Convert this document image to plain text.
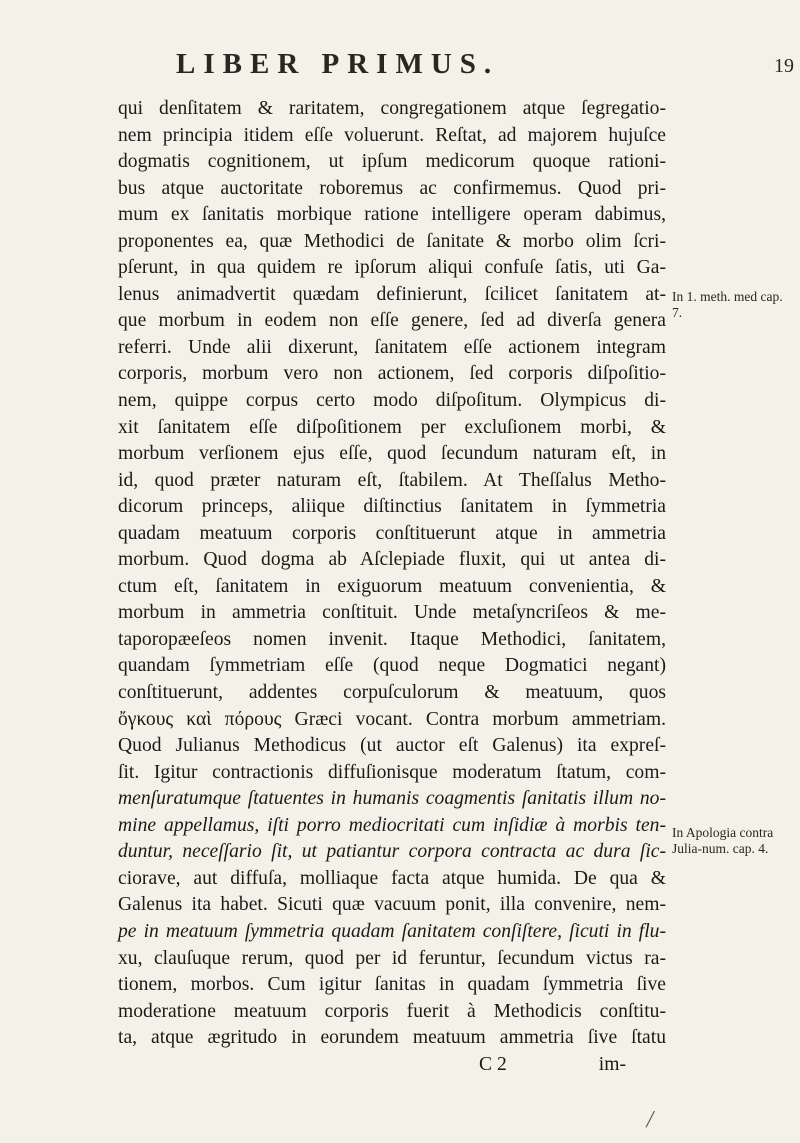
LIBER PRIMUS.	19
qui denſitatem & raritatem, congregationem atque ſegregatio-
nem principia itidem eſſe voluerunt. Reſtat, ad majorem hujuſce
dogmatis cognitionem, ut ipſum medicorum quoque rationi-
bus atque auctoritate roboremus ac confirmemus. Quod pri-
mum ex ſanitatis morbique ratione intelligere operam dabimus,
proponentes ea, quæ Methodici de ſanitate & morbo olim ſcri-
pſerunt, in qua quidem re ipſorum aliqui confuſe ſatis, uti Ga-
lenus animadvertit quædam definierunt, ſcilicet ſanitatem at-
que morbum in eodem non eſſe genere, ſed ad diverſa genera
referri. Unde alii dixerunt, ſanitatem eſſe actionem integram
corporis, morbum vero non actionem, ſed corporis diſpoſitio-
nem, quippe corpus certo modo diſpoſitum. Olympicus di-
xit ſanitatem eſſe diſpoſitionem per excluſionem morbi, &
morbum verſionem ejus eſſe, quod ſecundum naturam eſt, in
id, quod præter naturam eſt, ſtabilem. At Theſſalus Metho-
dicorum princeps, aliique diſtinctius ſanitatem in ſymmetria
quadam meatuum corporis conſtituerunt atque in ammetria
morbum. Quod dogma ab Aſclepiade fluxit, qui ut antea di-
ctum eſt, ſanitatem in exiguorum meatuum convenientia, &
morbum in ammetria conſtituit. Unde metaſyncriſeos & me-
taporopæeſeos nomen invenit. Itaque Methodici, ſanitatem,
quandam ſymmetriam eſſe (quod neque Dogmatici negant)
conſtituerunt, addentes corpuſculorum & meatuum, quos
ὄγκους καὶ πόρους Græci vocant. Contra morbum ammetriam.
Quod Julianus Methodicus (ut auctor eſt Galenus) ita expreſ-
ſit. Igitur contractionis diffuſionisque moderatum ſtatum, com-
menſuratumque ſtatuentes in humanis coagmentis ſanitatis illum no-
mine appellamus, iſti porro mediocritati cum inſidiæ à morbis ten-
duntur, neceſſario ſit, ut patiantur corpora contracta ac dura ſic-
ciorave, aut diffuſa, molliaque facta atque humida. De qua &
Galenus ita habet. Sicuti quæ vacuum ponit, illa convenire, nem-
pe in meatuum ſymmetria quadam ſanitatem conſiſtere, ſicuti in flu-
xu, clauſuque rerum, quod per id feruntur, ſecundum victus ra-
tionem, morbos. Cum igitur ſanitas in quadam ſymmetria ſive
moderatione meatuum corporis fuerit à Methodicis conſtitu-
ta, atque ægritudo in eorundem meatuum ammetria ſive ſtatu
C 2	im-
In 1. meth. med cap. 7.
In Apologia contra Julia-num. cap. 4.
╱
